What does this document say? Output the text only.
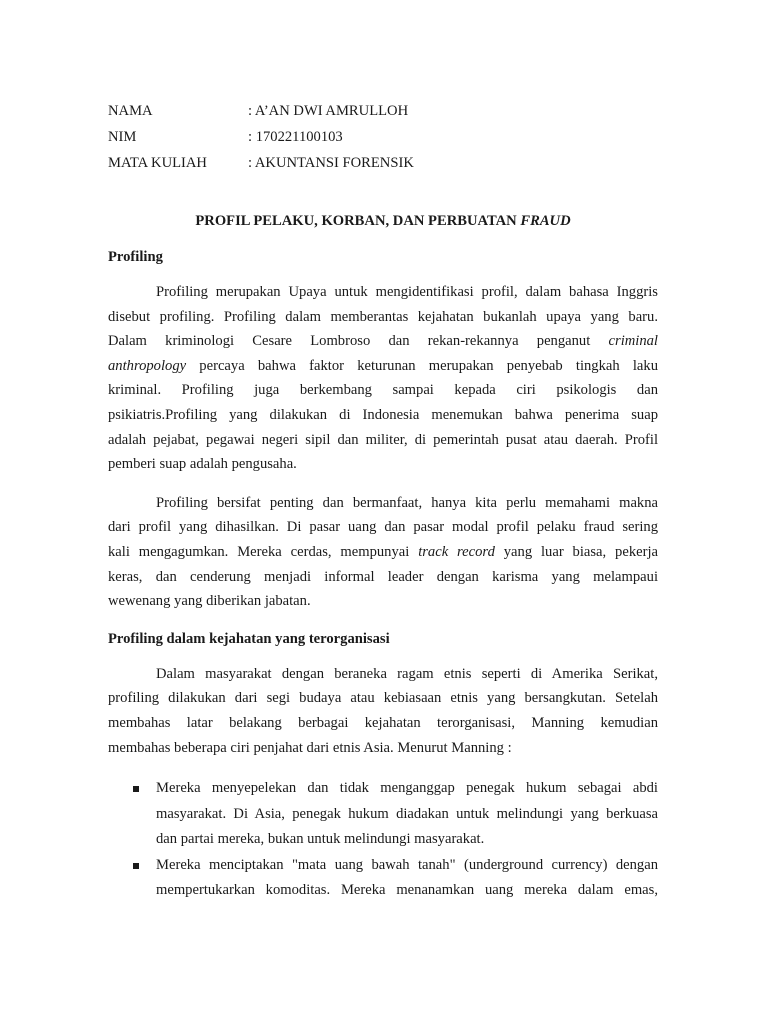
NAMA	: A’AN DWI AMRULLOH
NIM	: 170221100103
MATA KULIAH	: AKUNTANSI FORENSIK
PROFIL PELAKU, KORBAN, DAN PERBUATAN FRAUD
Profiling
Profiling merupakan Upaya untuk mengidentifikasi profil, dalam bahasa Inggris
disebut profiling. Profiling dalam memberantas kejahatan bukanlah upaya yang baru.
Dalam kriminologi Cesare Lombroso dan rekan-rekannya penganut criminal
anthropology percaya bahwa faktor keturunan merupakan penyebab tingkah laku
kriminal. Profiling juga berkembang sampai kepada ciri psikologis dan
psikiatris.Profiling yang dilakukan di Indonesia menemukan bahwa penerima suap
adalah pejabat, pegawai negeri sipil dan militer, di pemerintah pusat atau daerah. Profil
pemberi suap adalah pengusaha.
Profiling bersifat penting dan bermanfaat, hanya kita perlu memahami makna
dari profil yang dihasilkan. Di pasar uang dan pasar modal profil pelaku fraud sering
kali mengagumkan. Mereka cerdas, mempunyai track record yang luar biasa, pekerja
keras, dan cenderung menjadi informal leader dengan karisma yang melampaui
wewenang yang diberikan jabatan.
Profiling dalam kejahatan yang terorganisasi
Dalam masyarakat dengan beraneka ragam etnis seperti di Amerika Serikat,
profiling dilakukan dari segi budaya atau kebiasaan etnis yang bersangkutan. Setelah
membahas latar belakang berbagai kejahatan terorganisasi, Manning kemudian
membahas beberapa ciri penjahat dari etnis Asia. Menurut Manning :
Mereka menyepelekan dan tidak menganggap penegak hukum sebagai abdi
masyarakat. Di Asia, penegak hukum diadakan untuk melindungi yang berkuasa
dan partai mereka, bukan untuk melindungi masyarakat.
Mereka menciptakan "mata uang bawah tanah" (underground currency) dengan
mempertukarkan komoditas. Mereka menanamkan uang mereka dalam emas,
